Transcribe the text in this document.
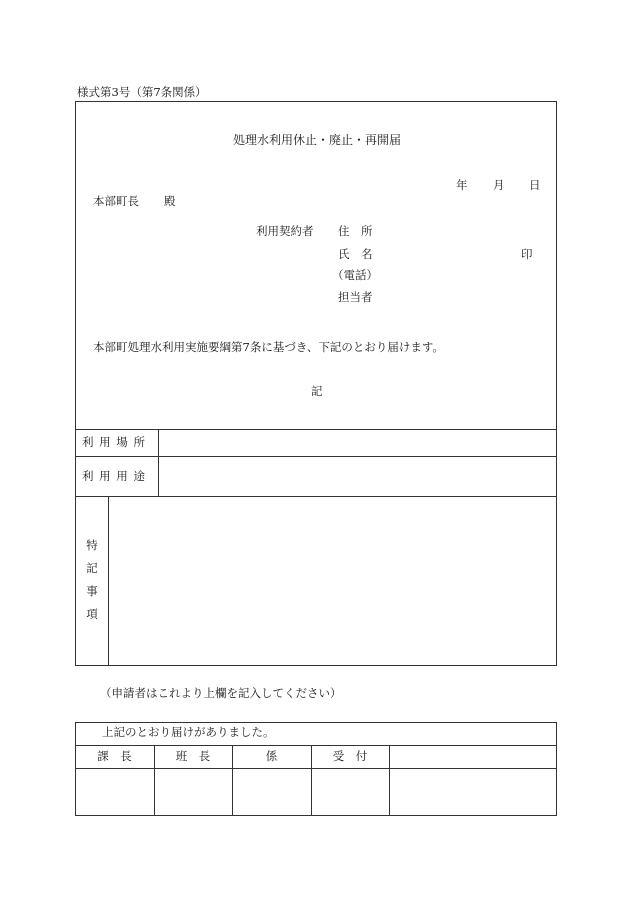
様式第3号（第7条関係）
処理水利用休止・廃止・再開届
年 月 日
本部町長 殿
利用契約者 住　所
氏　名	印
（電話）
担当者
本部町処理水利用実施要綱第7条に基づき、下記のとおり届けます。
記
利 用 場 所
利 用 用 途
特
記
事
項
（申請者はこれより上欄を記入してください）
上記のとおり届けがありました。
課　長	班　長	係	受　付
